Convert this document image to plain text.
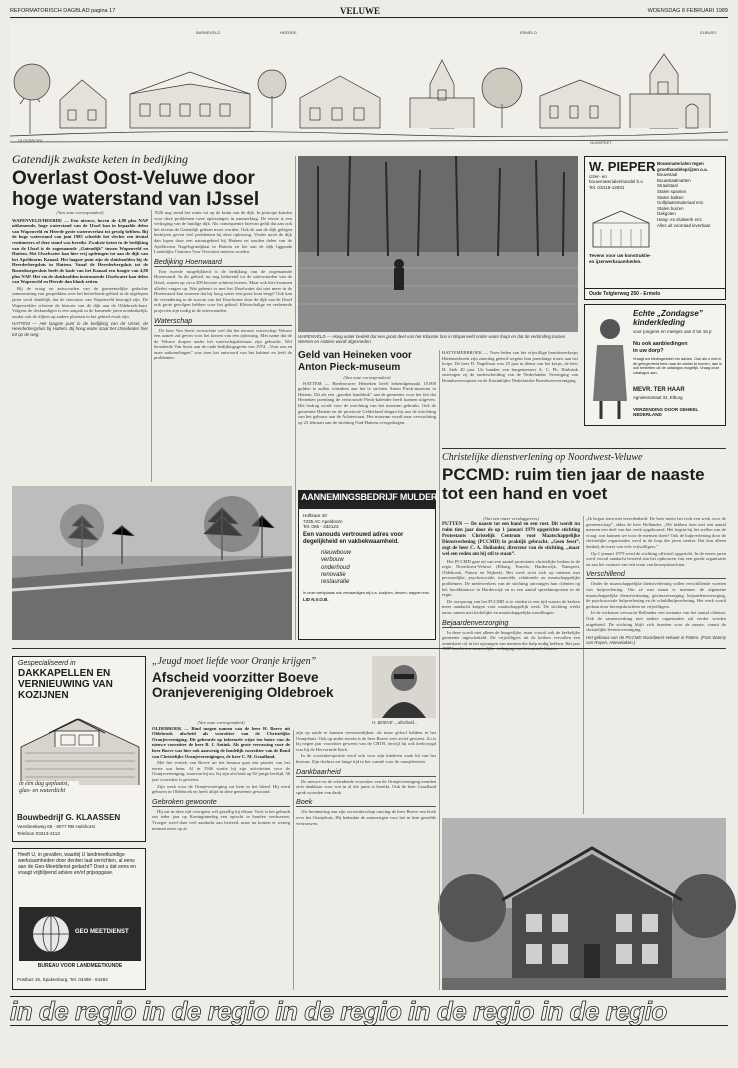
REFORMATORISCH DAGBLAD pagina 17	VELUWE	WOENSDAG 8 FEBRUARI 1989
BARNEVELD	HEERDE	ERMELO	ELBURG
OLDEBROEK	NUNSPEET
Gatendijk zwakste keten in bedijking
Overlast Oost-Veluwe door hoge waterstand van IJssel
(Van onze correspondent)

WAPENVELD/HEERDE — Een nieuwe, hoven de 4,80 plus NAP uitkomende, hoge waterstand van de IJssel kan in bepaalde delen van Wapenveld en Heerde grote wateroverlast tot gevolg hebben. Bij de hoge waterstand van juni 1983 scheelde het slechts een tiental centimeters of deze stand was bereikt. Zwakste keten in de bedijking van de IJssel is de zogenaamde „Gatendijk” tussen Wapenveld en Hattem. Het IJsselwater kan hier vrij opdringen tot aan de dijk van het Apeldoorns Kanaal. Het laagste punt zijn de sluishoofden bij de Heerderbergsluis in Hattem. Vanaf de Heerderbergsluis tot de Bonenburgersluis heeft de kade van het Kanaal een hoogte van 4,80 plus NAP. Het via de sluishoofden instromende IJsselwater kan delen van Wapenveld en Heerde dan blank zetten.

Bij de vraag en antwoorden van de gemeentelijke gedachte samenvatting van gesprekken over het betreffende gebied in de afgelopen jaren werd duidelijk dat de inwoners van Wapenveld bezorgd zijn. De Wapenvelder schetste de historie van de dijk aan de Oldebroek-kant. Volgens de deskundigen is een aanpak in de komende jaren noodzakelijk, omdat ook de dijken op andere plaatsen in het gebied zwak zijn.

HATTEM — Het laagste punt in de bedijking van de IJssel, de Heerderbergsluis bij Hattem. Bij hoog water staat het IJsselwater hier tot op de weg.

1926 nog stond het water tot op de kruin van de dijk. In principe konden voor deze problemen twee oplossingen in aanmerking. De eerste is een verhoging van de huidige dijk. Als consequentie hiervan geldt dat aan ook het niveau de Gatendijk gedaan moet worden. Ook de aan de dijk gelegen bedrijven geven veel problemen bij deze oplossing. Verder moet de dijk dan lopen door een natuurgebied bij Hattem en zouden delen van de Apeldoorns Nagelsgrindplaat in Hattem en het aan de dijk liggende Landelijke Centrum Voor Overstort moeten worden.

Bedijking Hoenwaard

Een tweede mogelijkheid is de bedijking van de zogenaamde Hoenwaard. In dit gebied, nu nog behorend tot de uiterwaarden van de IJssel, wonen op circa 300 hectare achttien boeren. Maar ook hier kwamen allerlei vragen op. Wat gebeurt er met het IJsselwater dat niet meer in de Hoenwaard kan stromen dat bij hoog water een grote kom bergt? Ook kan de verandering in de stroom van het IJsselwater door de dijk van de IJssel ook grote gevolgen hebben voor het gebied. Kleinschalige en verbeterde projecten zijn nodig in de uiterwaarden.

Waterschap

De heer Van Soest verwachtte wel dat het nieuwe waterschap Veluwe een aanzet zal geven voor het kiezen van een oplossing. Met name dat de de Veluwe dorpen onder het waterschapsbestuur zijn gebracht. Wel benaderde Van Soest aan de oude bedijkingsgrens van 1974. „Voor ons en onze nakomelingen” was toen het antwoord van het kabinet en leeft de problemen.

WAPENVELD — Hoog water bedekt dat een groot deel van het Klooster bos in Wapenveld onder water loopt en dat de verbinding tussen Wemen en Hattem wordt afgesneden.
Geld van Heineken voor Anton Pieck-museum
(Van onze correspondent)

HATTEM — Bierbrouwer Heineken heeft bekendgemaakt 10.000 gulden te zullen schenken aan het te stichten Anton Pieck-museum in Hattem. Dit als een „gouden handdruk” aan de gemeente voor het feit dat Heineken jarenlang de vertrouwde Pieck-kalender heeft kunnen uitgeven. Het bedrag wordt voor de inrichting van het museum gebruikt. Ook de gemeente Hattem en de provincie Gelderland dragen bij aan de inrichting van het gebouw aan de Achterstraat. Het museum wordt naar verwachting op 23 februari aan de stichting Oud-Hattem overgedragen.

HATTEMERBROEK — Twee leden van het vrijwillige brandweerkorps Hattemerbroek zijn zaterdag geëerd wegens hun jarenlange trouw aan het korps. De heer D. Nagelhout was 25 jaar in dienst van het korps, de heer H. Stek 40 jaar. Uit handen van burgemeester A. C. Ph. Harbrink ontvingen zij de onderscheiding van de Nederlandse Vereniging van Brandweercorpsen en de Koninklijke Nederlandse Brandweervereniging.

W. PIEPER
IJzer- en bouwmaterialenhandel b.v.
Tel. 03418-12831
Tevens voor uw konstruktie- en ijzerwerkzaamheden.
Bouwmaterialen tegen groothandelsprijzen o.a.
Bouwstaal
Bouwstaalmatten
Straalstaal
Stalen spanten
Stalen balken
Golfplaatsmateriaal enz.
Stalen buizen
Dakgoten
Hang- en sluitwerk enz.
Alles uit voorraad leverbaar
Oude Telgterweg 250 - Ermelo
Echte „Zondagse” kinderkleding
voor jongens en meisjes van 0 tot 16 jr.
Nu ook aanbiedingen
in uw dorp?
Vraagt uw kledingwinkel om advies. Ook als u niet in de gelegenheid bent naar de winkel te komen, dan is ook bestellen uit de catalogus mogelijk. Vraag onze catalogus aan.
MEVR. TER HAAR
Agnietenstraat 32, Elburg
VERZENDING DOOR GEHEEL NEDERLAND
AANNEMINGSBEDRIJF MULDER B.V.
Hoftsaar 40
7335 AC Apeldoorn
Tel. 055 - 332123
Een vanouds vertrouwd adres voor degelijkheid en vakbekwaamheid.
nieuwbouw
verbouw
onderhoud
renovatie
restauratie
In onze werkplaats ook vervaardigen wij o.a. kozijnen, deuren, trappen enz.
LID N.V.O.B.
Christelijke dienstverlening op Noordwest-Veluwe
PCCMD: ruim tien jaar de naaste tot een hand en voet
(Van een onzer verslaggevers)

PUTTEN — De naaste tot een hand en een voet. Dit wordt nu ruim tien jaar door de op 1 januari 1979 opgerichte stichting Protestants Christelijk Centrum voor Maatschappelijke Dienstverlening (PCCMD) in praktijk gebracht. „Geen feest”, zegt de heer C. A. Hollander, directeur van de stichting, „maar wel een reden om bij stil te staan”.

Het PCCMD gaat uit van een aantal protestants christelijke kerken in de regio Noordwest-Veluwe (Elburg, Ermelo, Harderwijk, Nunspeet, Oldebroek, Putten en Nijkerk). Het werk richt zich op mensen met persoonlijke, psychosociale, materiële, relationele en maatschappelijke problemen. De medewerkers van de stichting ontvangen hun cliënten op het hoofdkantoor in Harderwijk en in een aantal spreekuurposten in de regio.

De oorsprong van het PCCMD is te vinden in een tijd waarin de kerken meer aandacht kregen voor maatschappelijk werk. De stichting werkt nauw samen met kerkelijke en maatschappelijke instellingen.

Bejaardenverzorging

In deze wordt niet alleen de burgerlijke, maar vooral ook de kerkelijke gemeente ingeschakeld. De vrijwilligers uit de kerken vervullen een onmisbare rol in het opvangen van mensen die hulp nodig hebben. Het jaar

„Ik begon toen met tevredenheid. De heer noem het toch een werk voor de gemeenschap”, aldus de heer Hollander. „We hebben toen met een aantal mensen een deel van het werk opgebouwd. Het begint bij het stellen van de vraag: wat kunnen we voor de mensen doen? Ook de hulpverlening door de christelijke organisaties werd in de loop der jaren sterker. Dat kon alleen dankzij de inzet van vele vrijwilligers.”

Op 1 januari 1979 werd de stichting officieel opgericht. In de eerste jaren werd vooral aandacht besteed aan het opbouwen van een goede organisatie en aan het vormen van een team van beroepskrachten.

Verschillend

Onder de maatschappelijke dienstverlening vallen verschillende vormen van hulpverlening. Om ze met naam te noemen: de algemene maatschappelijke dienstverlening, gezinsverzorging, bejaardenverzorging, de psychosociale hulpverlening en de schuldhulpverlening. Het werk wordt gedaan door beroepskrachten en vrijwilligers.

In de toekomst verwacht Hollander een toename van het aantal cliënten. Ook de samenwerking met andere organisaties zal verder worden uitgebreid. De stichting blijft zich inzetten voor de naaste, vanuit de christelijke levensovertuiging.

Het gebouw van de PCCMD Noordwest-Veluwe in Putten. (Foto Wanny van Royen, Hoevelaken.)
Gespecialiseerd in
DAKKAPELLEN EN VERNIEUWING VAN KOZIJNEN
in één dag geplaatst, glas- en waterdicht
Bouwbedrijf G. KLAASSEN
Veenbeekweg 65 - 8077 RB Hulshorst
Telefoon 03413-2113
Heeft U, in gevallen, waarbij U landmeetkundige werkzaamheden door derden laat verrichten, al eens aan de Geo-Meetdienst gedacht? Doet u dat eens en vraagt vrijblijvend advies en/of prijsopgave.
GEO MEETDIENST
BUREAU VOOR LANDMEETKUNDE
Postbus 15, Spakenburg. Tel. 03499 - 84284
„Jeugd moet liefde voor Oranje krijgen”
Afscheid voorzitter Boeve Oranjevereniging Oldebroek
H. BOEVE ...afscheid...
(Van onze correspondent)

OLDEBROEK — Bind mogen namen van de heer H. Boeve uit Oldebroek afscheid als voorzitter van de Christelijke Oranjevereniging. Dit gebeurde op informele wijze ten huize van de nieuwe voorzitter de heer B. J. Antink. Als grote verrassing voor de heer Boeve was hier ook aanwezig de landelijk voorzitter van de Bond van Christelijke Oranjeverenigingen, de heer C. M. Graafland.

Met het vertrek van Boeve uit het bestuur gaat een pionier van het eerste uur heen. Al in 1946 startte hij zijn activiteiten voor de Oranjevereniging, waarvan hij nu, bij zijn afscheid op 82-jarige leeftijd, 36 jaar voorzitter is geweest.

Zijn werk voor de Oranjevereniging zat hem in het bloed. Hij werd geboren in Oldebroek en heeft altijd in deze gemeente gewoond.

Gebroken gewoonte

Hij zat in deze tijd overigens wel gezellig bij elkaar. Toch is het gebruik om ieder jaar op Koninginnedag een optocht te houden verdwenen. Vroeger werd daar veel aandacht aan besteed, maar nu komen er weinig mensen meer op af.

zijn op aarde te kunnen verwezenlijken, als maar geloof hebben in het Oranjehuis. Ook op ander terrein is de heer Boeve zeer actief geweest. Zo is hij negen jaar voorzitter geweest van de CBTB, terwijl hij ook kerkvoogd was bij de Hervormde Kerk.

In de voorzitterspositie werd ook voor zijn kinderen vaak lid van het bestuur. Zijn dochter zat lange tijd in het comité voor de oranjefeesten.

Dankbaarheid

De nieuwe en de scheidende voorzitter van de Oranjevereniging toonden zich dankbaar voor wat in al die jaren is bereikt. Ook de heer Graafland sprak woorden van dank.

Boek

Als herinnering aan zijn voorzitterschap ontving de heer Boeve een boek over het Oranjehuis. Hij bedankte de aanwezigen voor het in hem gestelde vertrouwen.

in de regio in de regio in de regio in de regio in de regio
